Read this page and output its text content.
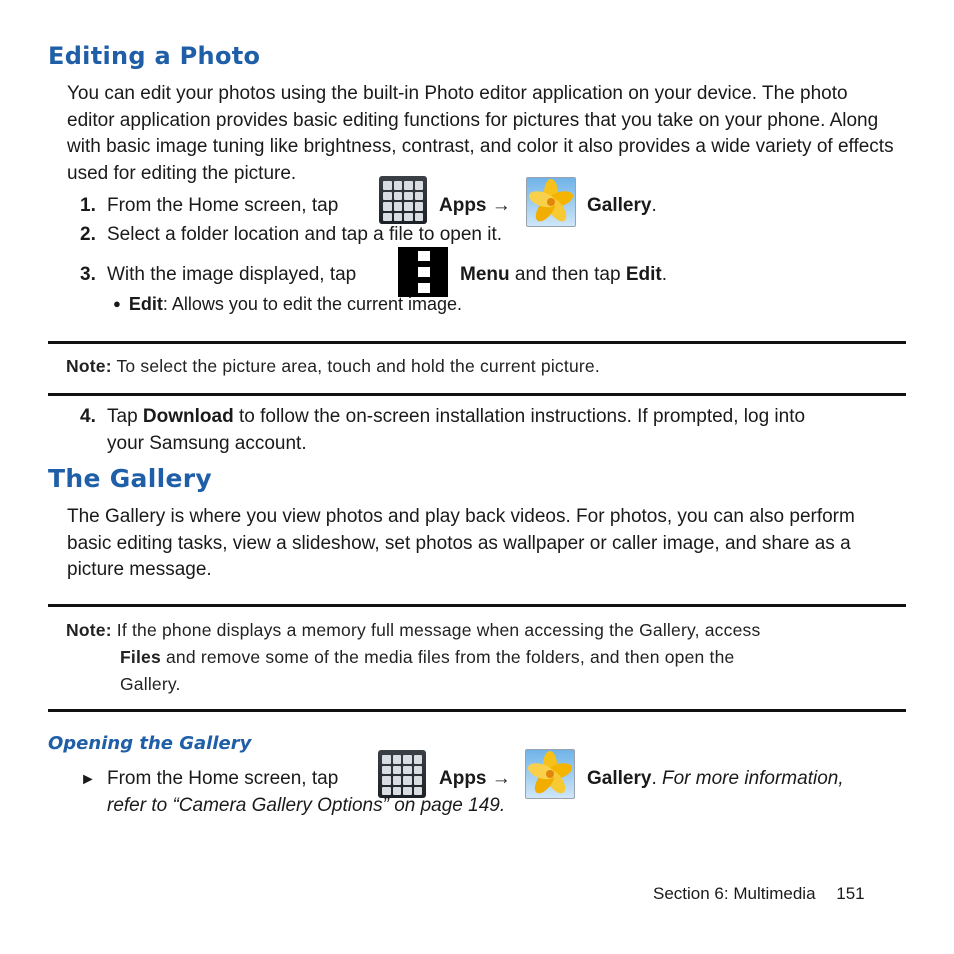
Editing a Photo
You can edit your photos using the built-in Photo editor application on your device. The photo editor application provides basic editing functions for pictures that you take on your phone. Along with basic image tuning like brightness, contrast, and color it also provides a wide variety of effects used for editing the picture.
1. From the Home screen, tap	Apps →	Gallery.
2. Select a folder location and tap a file to open it.
3. With the image displayed, tap	Menu and then tap Edit.
● Edit: Allows you to edit the current image.
Note: To select the picture area, touch and hold the current picture.
4. Tap Download to follow the on-screen installation instructions. If prompted, log into
your Samsung account.
The Gallery
The Gallery is where you view photos and play back videos. For photos, you can also perform basic editing tasks, view a slideshow, set photos as wallpaper or caller image, and share as a picture message.
Note: If the phone displays a memory full message when accessing the Gallery, access
Files and remove some of the media files from the folders, and then open the
Gallery.
Opening the Gallery
► From the Home screen, tap	Apps →	Gallery. For more information,
refer to “Camera Gallery Options” on page 149.
Section 6: Multimedia 151
